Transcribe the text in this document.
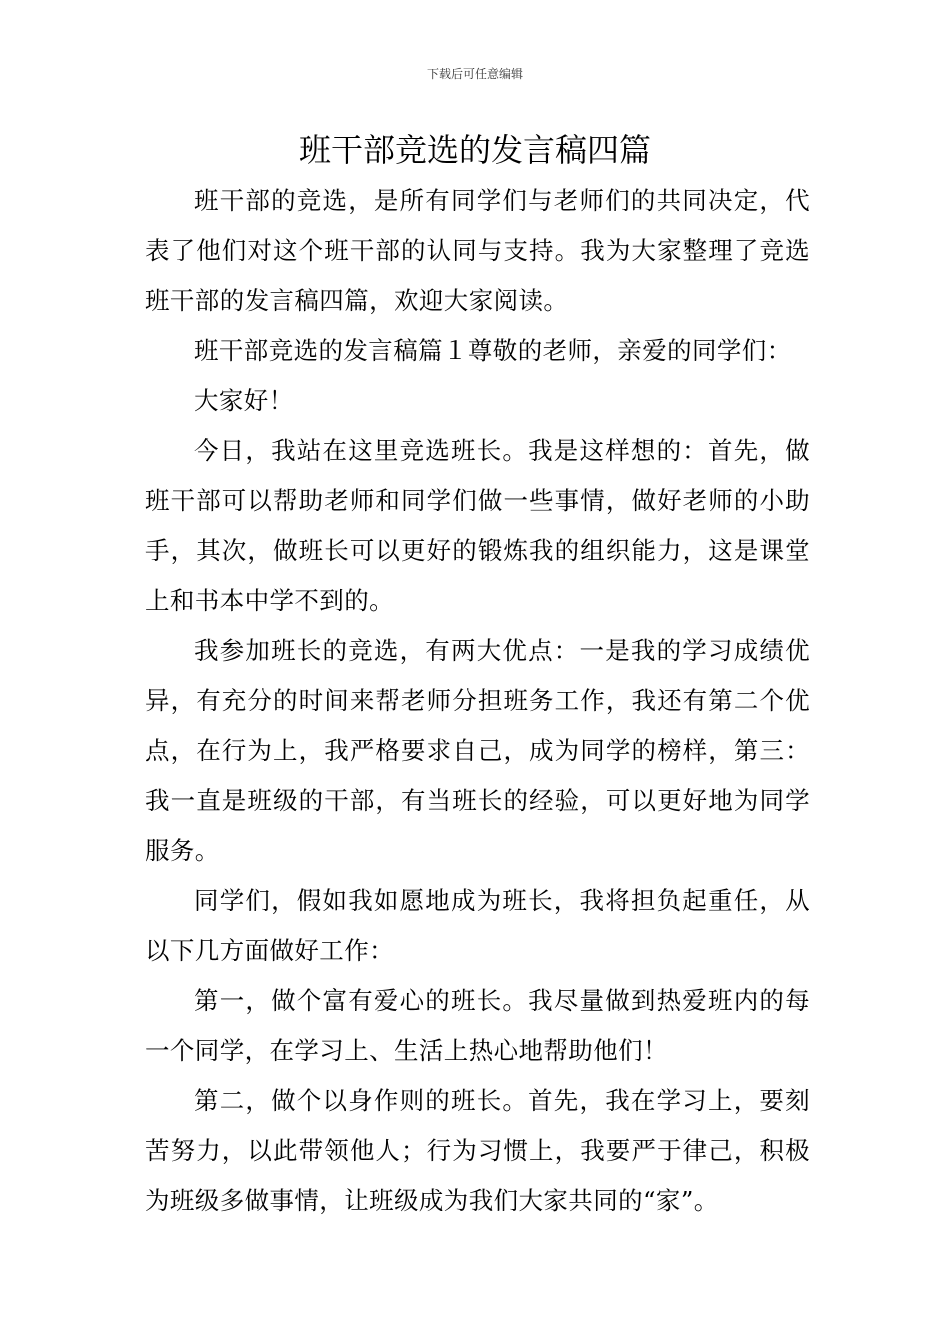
下载后可任意编辑
班干部竞选的发言稿四篇

班干部的竞选，是所有同学们与老师们的共同决定，代表了他们对这个班干部的认同与支持。我为大家整理了竞选班干部的发言稿四篇，欢迎大家阅读。

班干部竞选的发言稿篇１尊敬的老师，亲爱的同学们：

大家好！

今日，我站在这里竞选班长。我是这样想的：首先，做班干部可以帮助老师和同学们做一些事情，做好老师的小助手，其次，做班长可以更好的锻炼我的组织能力，这是课堂上和书本中学不到的。

我参加班长的竞选，有两大优点：一是我的学习成绩优异，有充分的时间来帮老师分担班务工作，我还有第二个优点，在行为上，我严格要求自己，成为同学的榜样，第三：我一直是班级的干部，有当班长的经验，可以更好地为同学服务。

同学们，假如我如愿地成为班长，我将担负起重任，从以下几方面做好工作：

第一，做个富有爱心的班长。我尽量做到热爱班内的每一个同学，在学习上、生活上热心地帮助他们！

第二，做个以身作则的班长。首先，我在学习上，要刻苦努力，以此带领他人；行为习惯上，我要严于律己，积极为班级多做事情，让班级成为我们大家共同的“家”。
